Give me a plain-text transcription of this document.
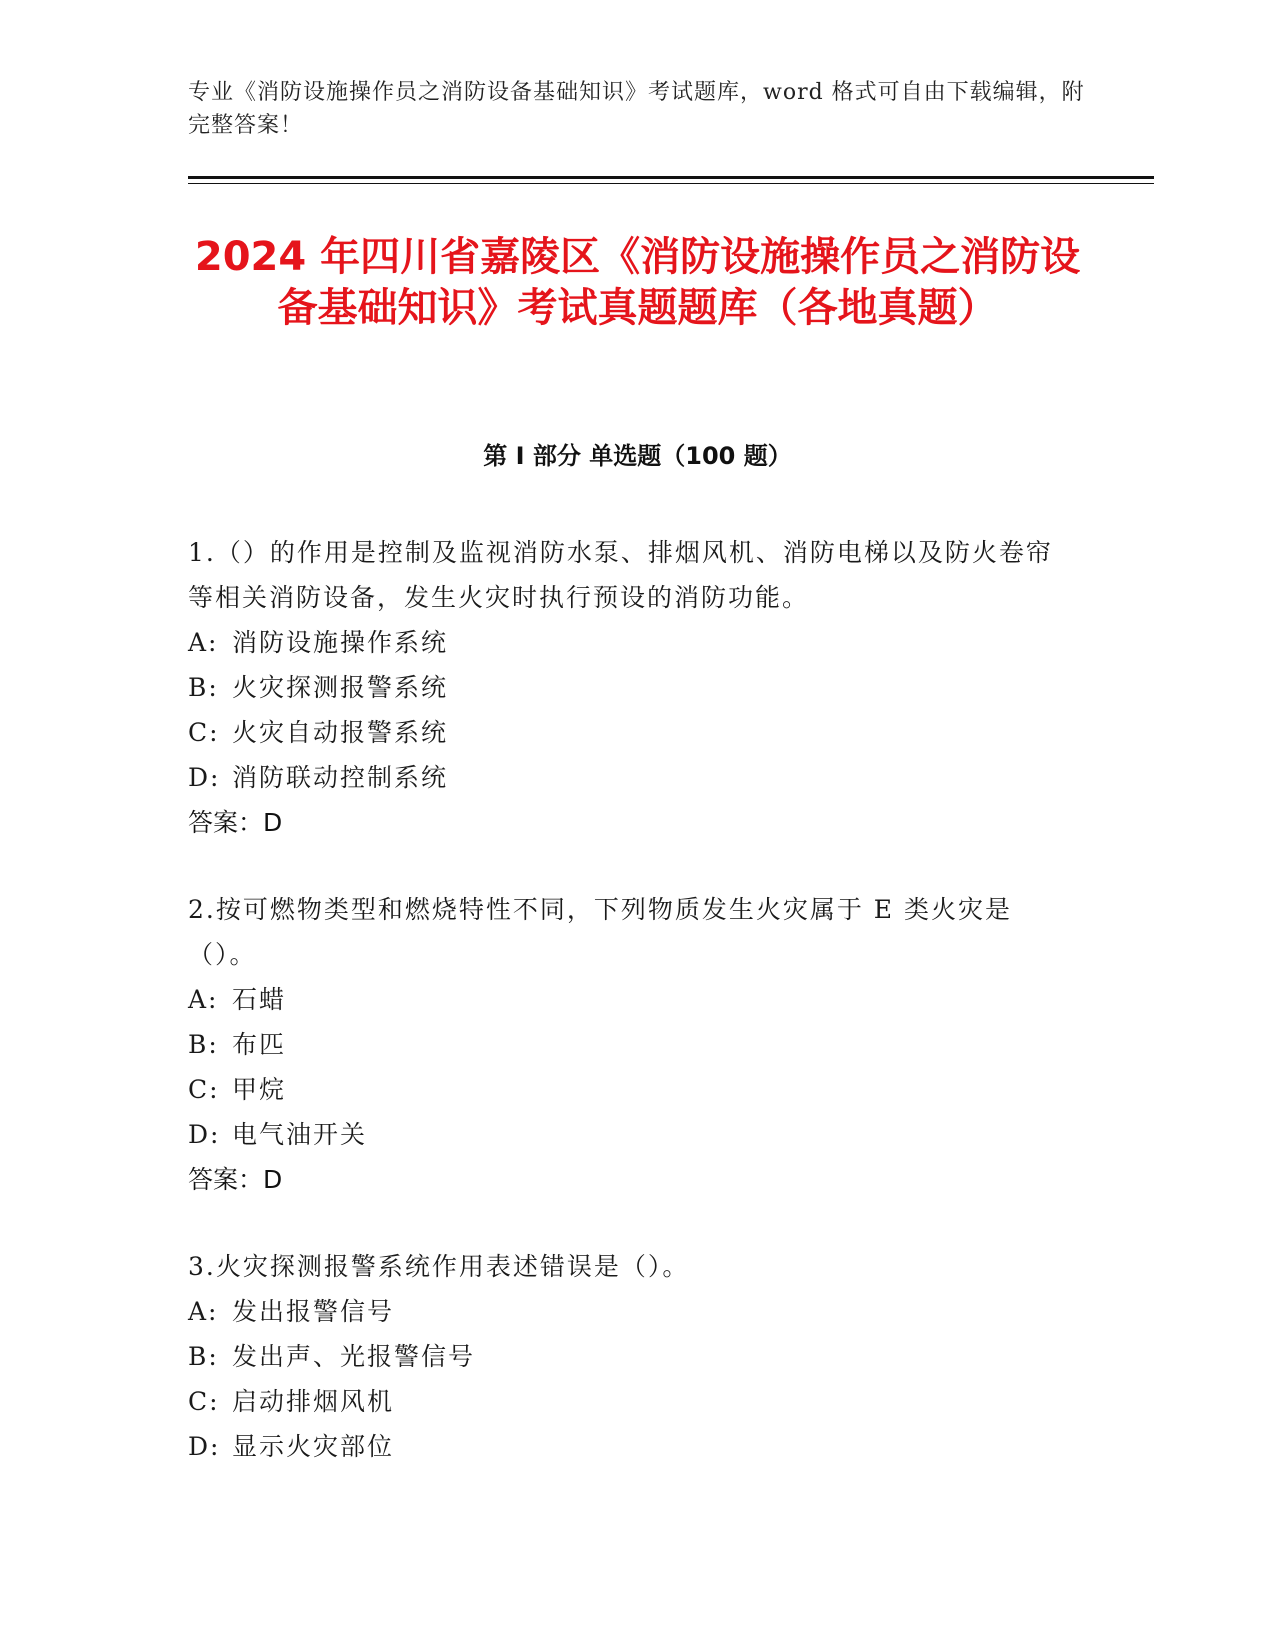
专业《消防设施操作员之消防设备基础知识》考试题库，word 格式可自由下载编辑，附完整答案！
2024 年四川省嘉陵区《消防设施操作员之消防设备基础知识》考试真题题库（各地真题）
第 I 部分 单选题（100 题）
1.（）的作用是控制及监视消防水泵、排烟风机、消防电梯以及防火卷帘等相关消防设备，发生火灾时执行预设的消防功能。
A: 消防设施操作系统
B: 火灾探测报警系统
C: 火灾自动报警系统
D: 消防联动控制系统
答案：D
2.按可燃物类型和燃烧特性不同，下列物质发生火灾属于 E 类火灾是（）。
A: 石蜡
B: 布匹
C: 甲烷
D: 电气油开关
答案：D
3.火灾探测报警系统作用表述错误是（）。
A: 发出报警信号
B: 发出声、光报警信号
C: 启动排烟风机
D: 显示火灾部位
